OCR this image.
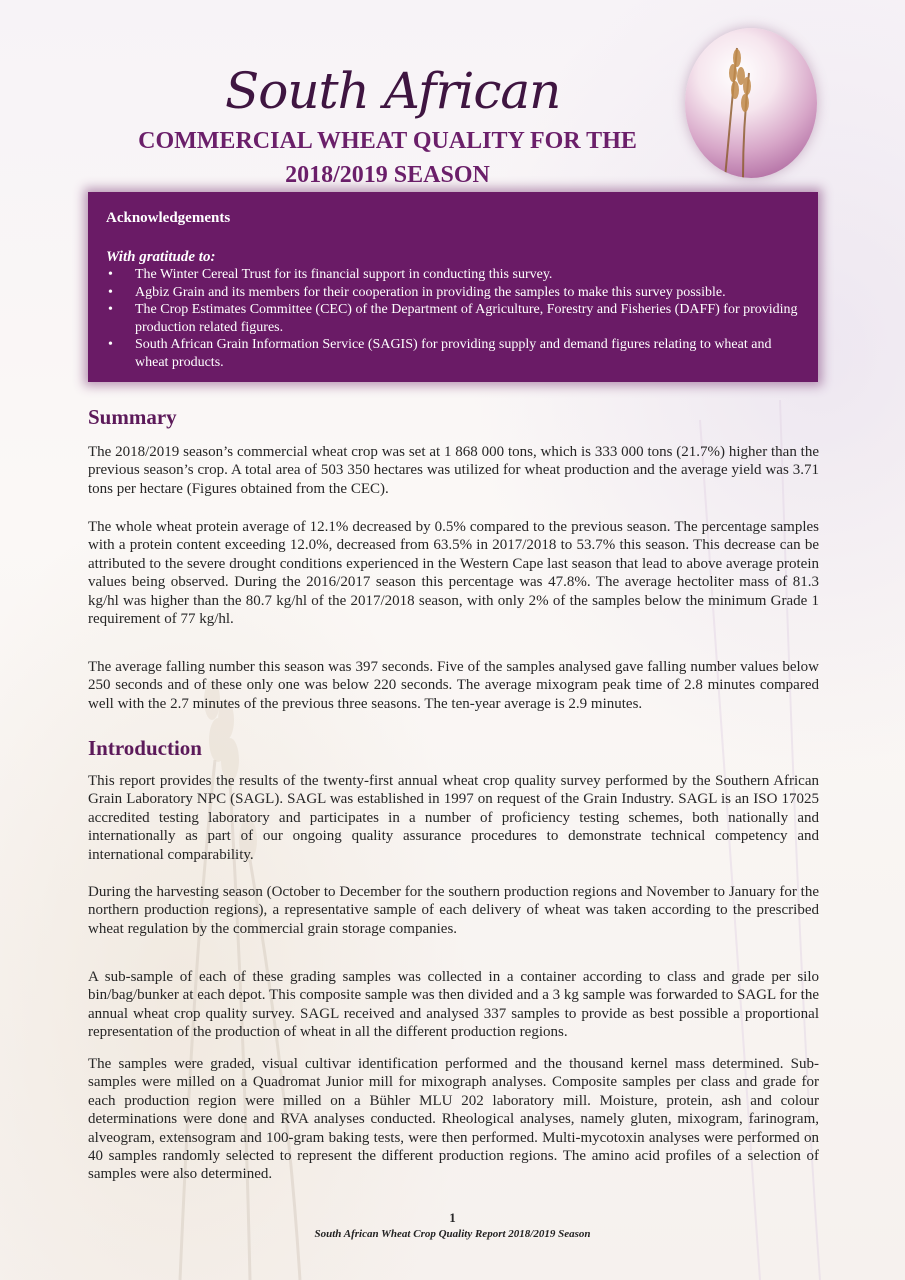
South African
COMMERCIAL WHEAT QUALITY FOR THE
2018/2019 SEASON
Acknowledgements
With gratitude to:
• The Winter Cereal Trust for its financial support in conducting this survey.
• Agbiz Grain and its members for their cooperation in providing the samples to make this survey possible.
• The Crop Estimates Committee (CEC) of the Department of Agriculture, Forestry and Fisheries (DAFF) for providing production related figures.
• South African Grain Information Service (SAGIS) for providing supply and demand figures relating to wheat and wheat products.
Summary

The 2018/2019 season’s commercial wheat crop was set at 1 868 000 tons, which is 333 000 tons (21.7%) higher than the previous season’s crop. A total area of 503 350 hectares was utilized for wheat production and the average yield was 3.71 tons per hectare (Figures obtained from the CEC).

The whole wheat protein average of 12.1% decreased by 0.5% compared to the previous season. The percentage samples with a protein content exceeding 12.0%, decreased from 63.5% in 2017/2018 to 53.7% this season. This decrease can be attributed to the severe drought conditions experienced in the Western Cape last season that lead to above average protein values being observed. During the 2016/2017 season this percentage was 47.8%. The average hectoliter mass of 81.3 kg/hl was higher than the 80.7 kg/hl of the 2017/2018 season, with only 2% of the samples below the minimum Grade 1 requirement of 77 kg/hl.

The average falling number this season was 397 seconds. Five of the samples analysed gave falling number values below 250 seconds and of these only one was below 220 seconds. The average mixogram peak time of 2.8 minutes compared well with the 2.7 minutes of the previous three seasons. The ten-year average is 2.9 minutes.

Introduction

This report provides the results of the twenty-first annual wheat crop quality survey performed by the Southern African Grain Laboratory NPC (SAGL). SAGL was established in 1997 on request of the Grain Industry. SAGL is an ISO 17025 accredited testing laboratory and participates in a number of proficiency testing schemes, both nationally and internationally as part of our ongoing quality assurance procedures to demonstrate technical competency and international comparability.

During the harvesting season (October to December for the southern production regions and November to January for the northern production regions), a representative sample of each delivery of wheat was taken according to the prescribed wheat regulation by the commercial grain storage companies.

A sub-sample of each of these grading samples was collected in a container according to class and grade per silo bin/bag/bunker at each depot. This composite sample was then divided and a 3 kg sample was forwarded to SAGL for the annual wheat crop quality survey. SAGL received and analysed 337 samples to provide as best possible a proportional representation of the production of wheat in all the different production regions.

The samples were graded, visual cultivar identification performed and the thousand kernel mass determined. Sub-samples were milled on a Quadromat Junior mill for mixograph analyses. Composite samples per class and grade for each production region were milled on a Bühler MLU 202 laboratory mill. Moisture, protein, ash and colour determinations were done and RVA analyses conducted. Rheological analyses, namely gluten, mixogram, farinogram, alveogram, extensogram and 100-gram baking tests, were then performed. Multi-mycotoxin analyses were performed on 40 samples randomly selected to represent the different production regions. The amino acid profiles of a selection of samples were also determined.

1
South African Wheat Crop Quality Report 2018/2019 Season
